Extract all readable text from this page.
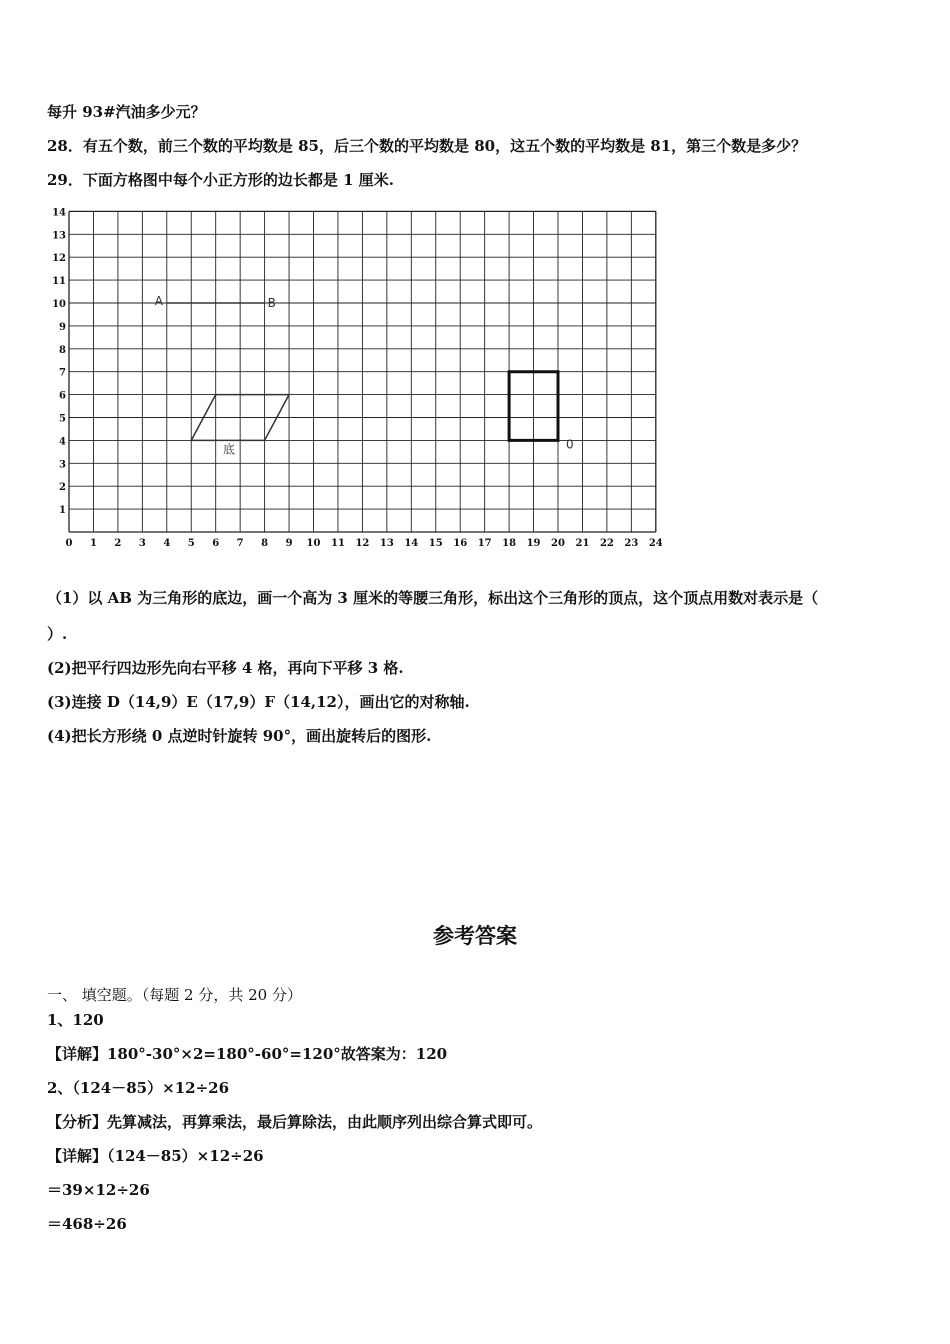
每升 93#汽油多少元？
28．有五个数，前三个数的平均数是 85，后三个数的平均数是 80，这五个数的平均数是 81，第三个数是多少？
29．下面方格图中每个小正方形的边长都是 1 厘米.
0 1 2 3 4 5 6 7 8 9 10 11 12 13 14 15 16 17 18 19 20 21 22 23 24
1
2
3
4
5
6
7
8
9
10
11
12
13
14
A	B
底	0
（1）以 AB 为三角形的底边，画一个高为 3 厘米的等腰三角形，标出这个三角形的顶点，这个顶点用数对表示是（
）.
(2)把平行四边形先向右平移 4 格，再向下平移 3 格.
(3)连接 D（14,9）E（17,9）F（14,12），画出它的对称轴.
(4)把长方形绕 0 点逆时针旋转 90°，画出旋转后的图形.
参考答案
一、 填空题。（每题 2 分，共 20 分）
1、120
【详解】180°-30°×2=180°-60°=120°故答案为：120
2、（124－85）×12÷26
【分析】先算减法，再算乘法，最后算除法，由此顺序列出综合算式即可。
【详解】（124－85）×12÷26
＝39×12÷26
＝468÷26
